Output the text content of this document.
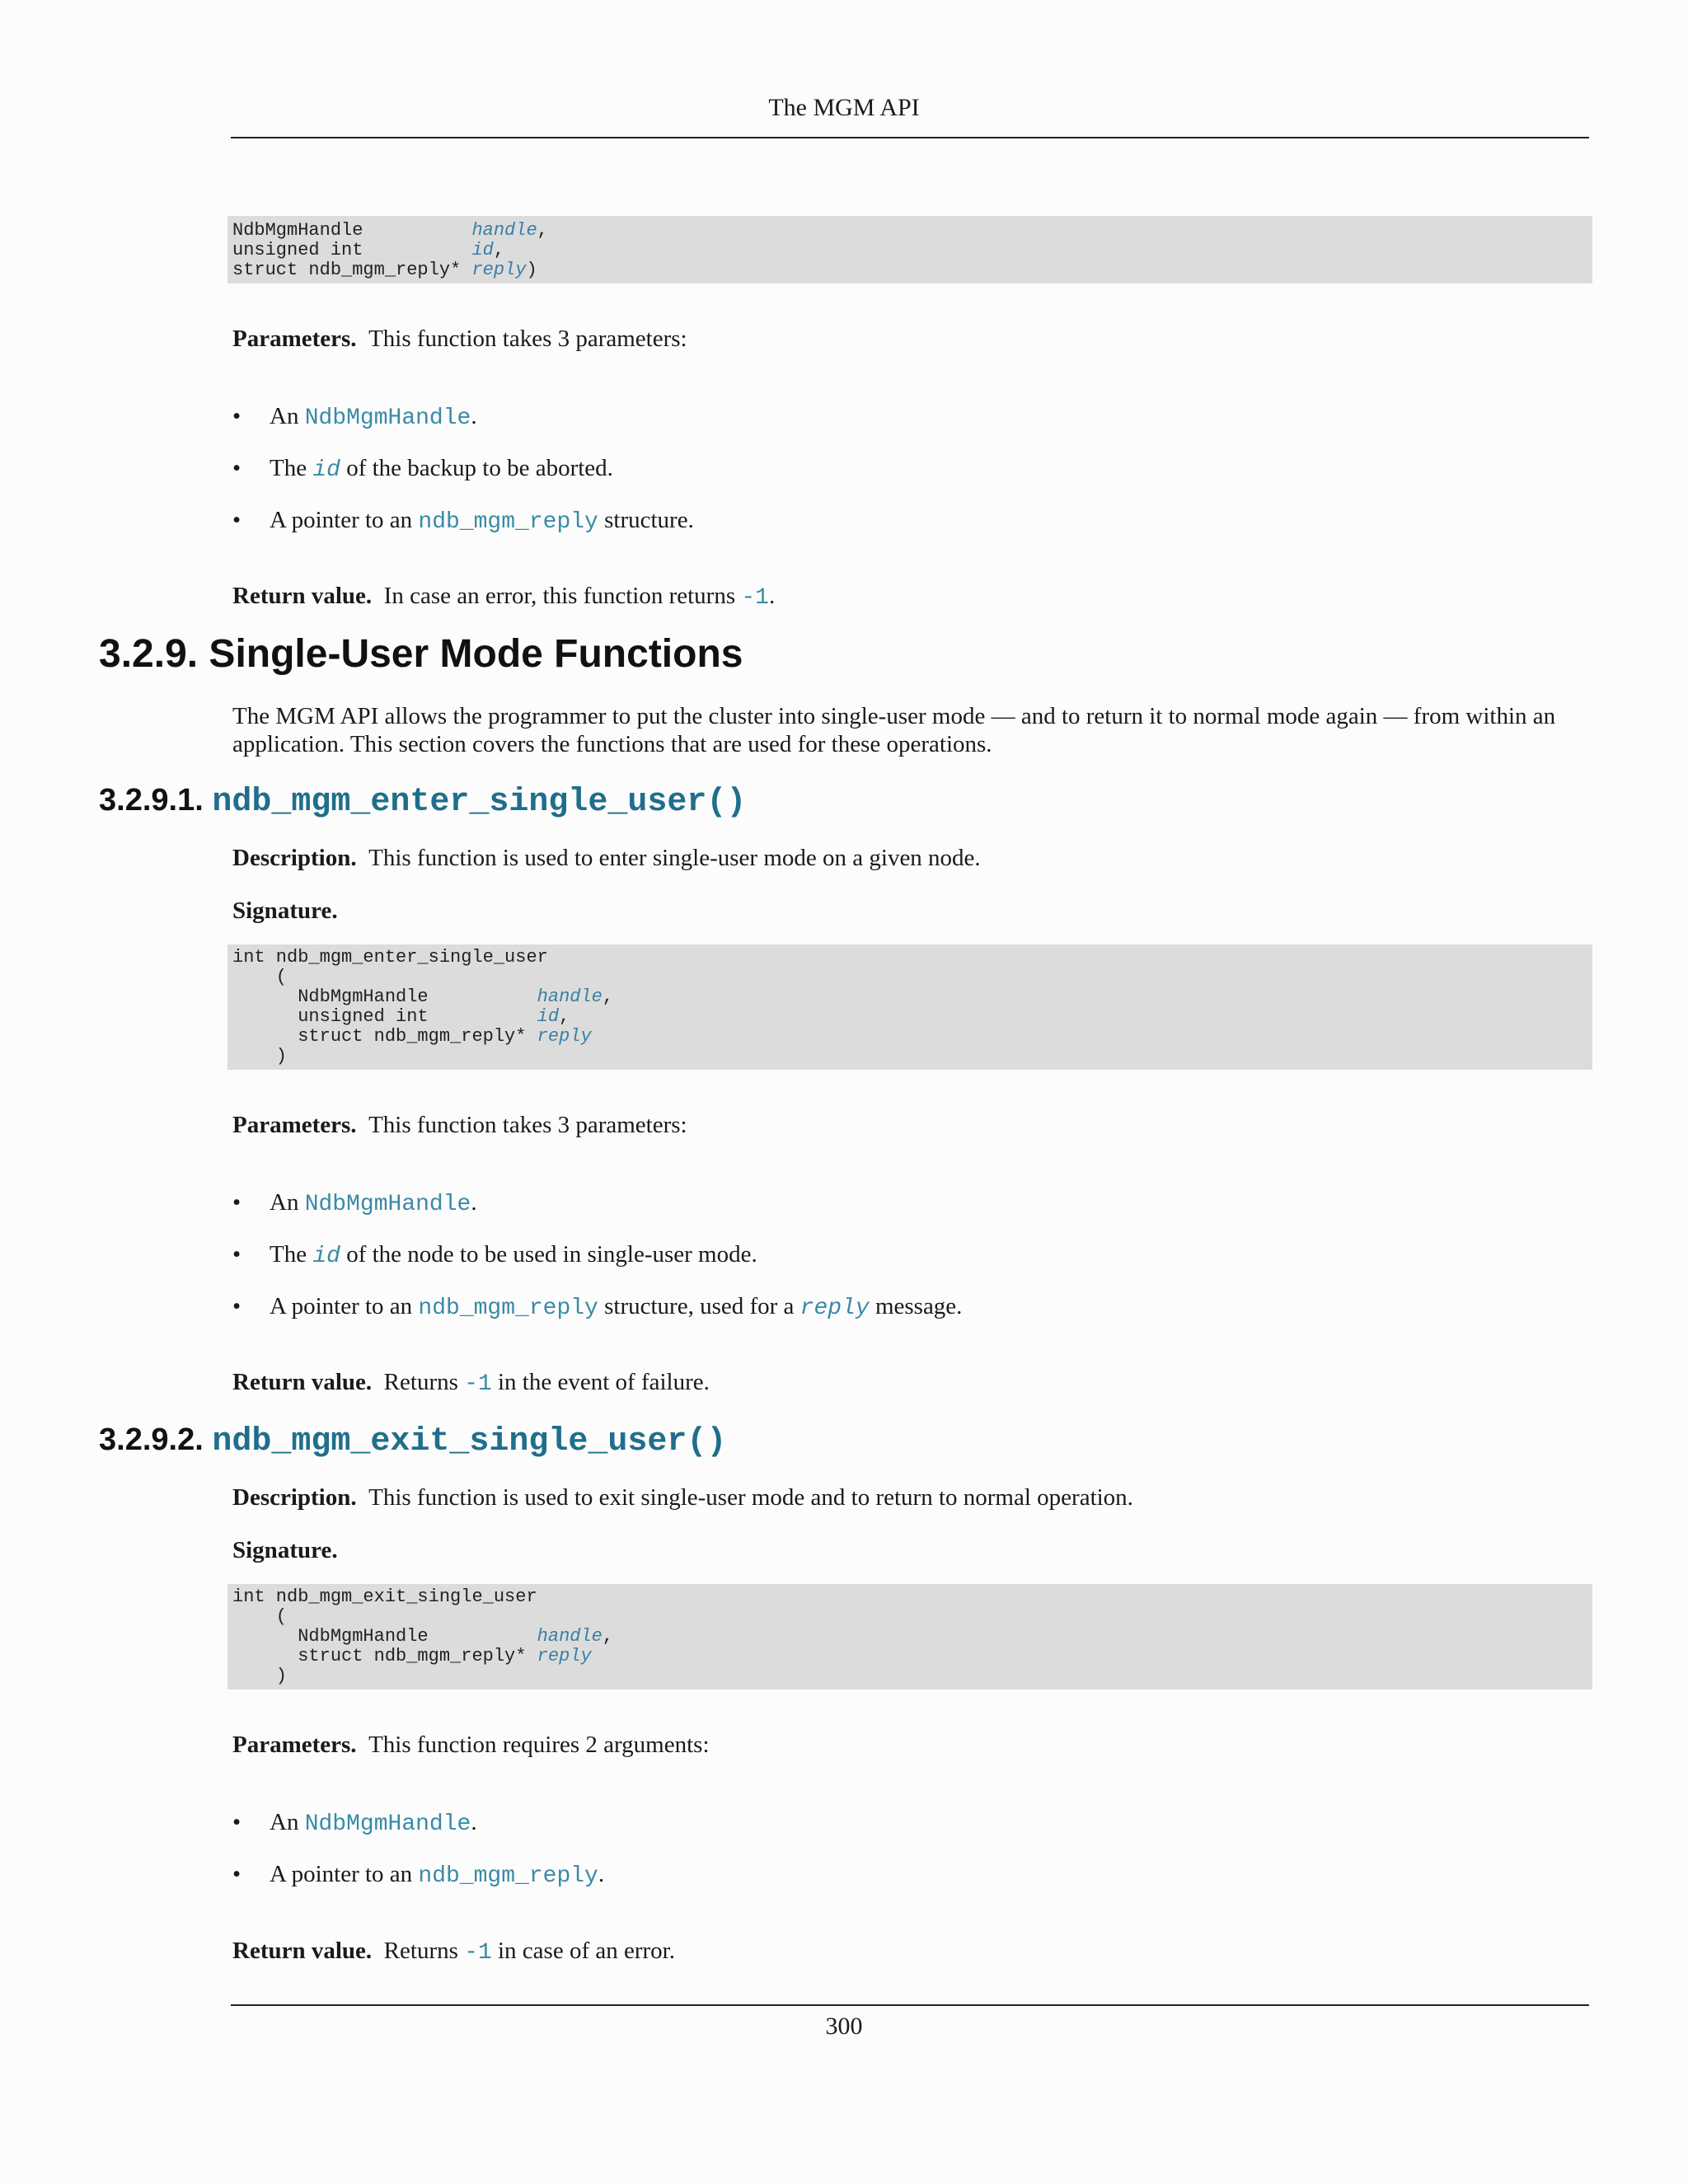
The MGM API
NdbMgmHandle          handle,
unsigned int          id,
struct ndb_mgm_reply* reply)
Parameters. This function takes 3 parameters:
• An NdbMgmHandle.
• The id of the backup to be aborted.
• A pointer to an ndb_mgm_reply structure.
Return value. In case an error, this function returns -1.
3.2.9. Single-User Mode Functions
The MGM API allows the programmer to put the cluster into single-user mode — and to return it to normal mode again — from within an application. This section covers the functions that are used for these operations.
3.2.9.1. ndb_mgm_enter_single_user()
Description. This function is used to enter single-user mode on a given node.
Signature.
int ndb_mgm_enter_single_user
(
NdbMgmHandle          handle,
unsigned int          id,
struct ndb_mgm_reply* reply
)
Parameters. This function takes 3 parameters:
• An NdbMgmHandle.
• The id of the node to be used in single-user mode.
• A pointer to an ndb_mgm_reply structure, used for a reply message.
Return value. Returns -1 in the event of failure.
3.2.9.2. ndb_mgm_exit_single_user()
Description. This function is used to exit single-user mode and to return to normal operation.
Signature.
int ndb_mgm_exit_single_user
(
NdbMgmHandle          handle,
struct ndb_mgm_reply* reply
)
Parameters. This function requires 2 arguments:
• An NdbMgmHandle.
• A pointer to an ndb_mgm_reply.
Return value. Returns -1 in case of an error.
300
